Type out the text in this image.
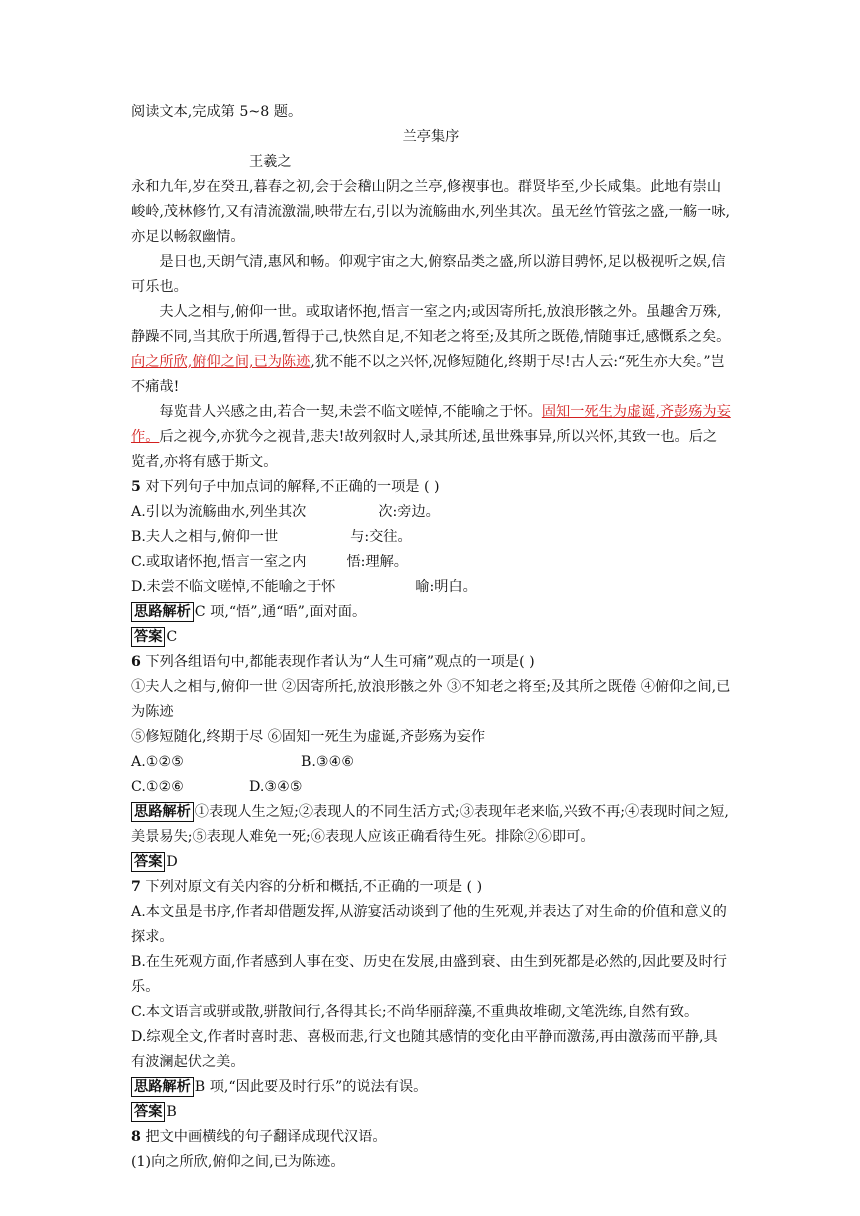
阅读文本,完成第 5~8 题。
兰亭集序
王羲之
永和九年,岁在癸丑,暮春之初,会于会稽山阴之兰亭,修禊事也。群贤毕至,少长咸集。此地有崇山峻岭,茂林修竹,又有清流激湍,映带左右,引以为流觞曲水,列坐其次。虽无丝竹管弦之盛,一觞一咏,亦足以畅叙幽情。
是日也,天朗气清,惠风和畅。仰观宇宙之大,俯察品类之盛,所以游目骋怀,足以极视听之娱,信可乐也。
夫人之相与,俯仰一世。或取诸怀抱,悟言一室之内;或因寄所托,放浪形骸之外。虽趣舍万殊,静躁不同,当其欣于所遇,暂得于己,快然自足,不知老之将至;及其所之既倦,情随事迁,感慨系之矣。向之所欣,俯仰之间,已为陈迹,犹不能不以之兴怀,况修短随化,终期于尽!古人云:“死生亦大矣。”岂不痛哉!
每览昔人兴感之由,若合一契,未尝不临文嗟悼,不能喻之于怀。固知一死生为虚诞,齐彭殇为妄作。后之视今,亦犹今之视昔,悲夫!故列叙时人,录其所述,虽世殊事异,所以兴怀,其致一也。后之览者,亦将有感于斯文。
5 对下列句子中加点词的解释,不正确的一项是 ( )
A.引以为流觞曲水,列坐其次	次:旁边。
B.夫人之相与,俯仰一世	与:交往。
C.或取诸怀抱,悟言一室之内	悟:理解。
D.未尝不临文嗟悼,不能喻之于怀	喻:明白。
思路解析 C 项,“悟”,通“晤”,面对面。
答案 C
6 下列各组语句中,都能表现作者认为“人生可痛”观点的一项是( )
①夫人之相与,俯仰一世 ②因寄所托,放浪形骸之外 ③不知老之将至;及其所之既倦 ④俯仰之间,已为陈迹
⑤修短随化,终期于尽 ⑥固知一死生为虚诞,齐彭殇为妄作
A.①②⑤	B.③④⑥
C.①②⑥	D.③④⑤
思路解析 ①表现人生之短;②表现人的不同生活方式;③表现年老来临,兴致不再;④表现时间之短,美景易失;⑤表现人难免一死;⑥表现人应该正确看待生死。排除②⑥即可。
答案 D
7 下列对原文有关内容的分析和概括,不正确的一项是 ( )
A.本文虽是书序,作者却借题发挥,从游宴活动谈到了他的生死观,并表达了对生命的价值和意义的探求。
B.在生死观方面,作者感到人事在变、历史在发展,由盛到衰、由生到死都是必然的,因此要及时行乐。
C.本文语言或骈或散,骈散间行,各得其长;不尚华丽辞藻,不重典故堆砌,文笔洗练,自然有致。
D.综观全文,作者时喜时悲、喜极而悲,行文也随其感情的变化由平静而激荡,再由激荡而平静,具有波澜起伏之美。
思路解析 B 项,“因此要及时行乐”的说法有误。
答案 B
8 把文中画横线的句子翻译成现代汉语。
(1)向之所欣,俯仰之间,已为陈迹。
